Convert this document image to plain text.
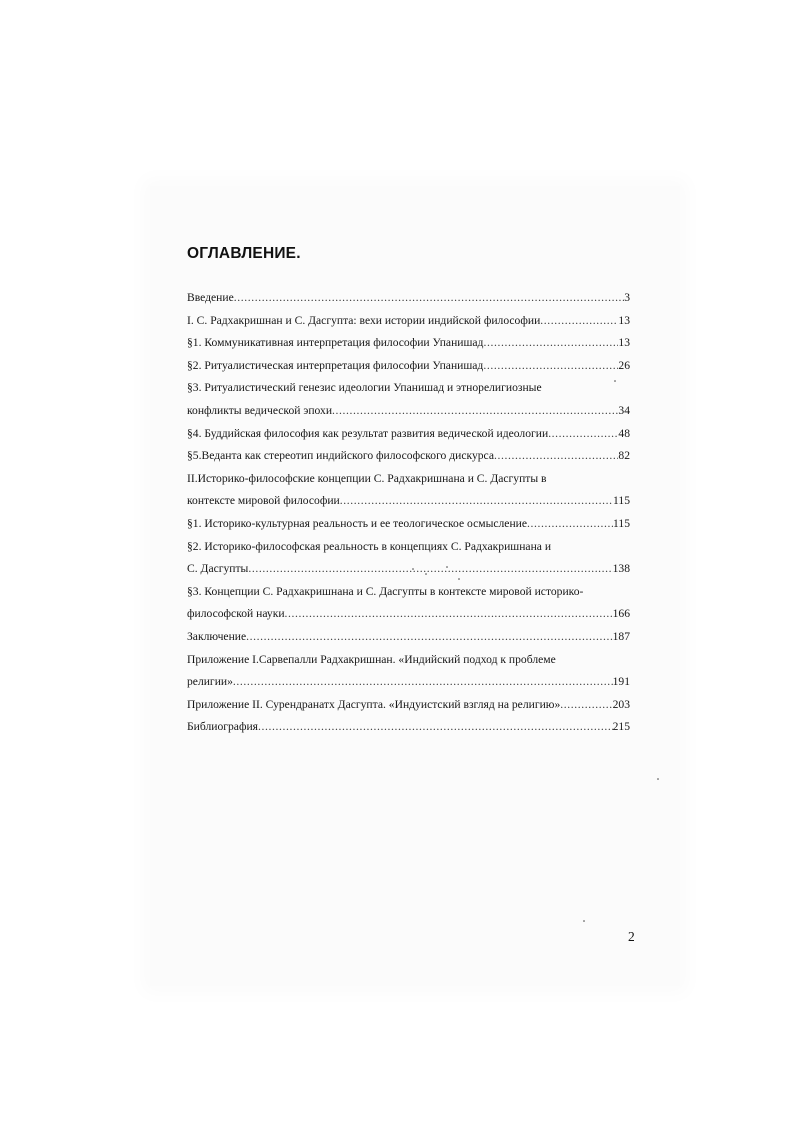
ОГЛАВЛЕНИЕ.
Введение .....	3
I. С. Радхакришнан и С. Дасгупта: вехи истории индийской философии .....	13
§1. Коммуникативная интерпретация философии Упанишад .....	13
§2. Ритуалистическая интерпретация философии Упанишад .....	26
§3. Ритуалистический генезис идеологии Упанишад и этнорелигиозные
конфликты ведической эпохи .....	34
§4. Буддийская философия как результат развития ведической идеологии .....	48
§5.Веданта как стереотип индийского философского дискурса .....	82
II.Историко-философские концепции С. Радхакришнана и С. Дасгупты в
контексте мировой философии .....	115
§1. Историко-культурная реальность и ее теологическое осмысление .....	115
§2. Историко-философская реальность в концепциях С. Радхакришнана и
С. Дасгупты .....	138
§3. Концепции С. Радхакришнана и С. Дасгупты в контексте мировой историко-
философской науки .....	166
Заключение .....	187
Приложение I.Сарвепалли Радхакришнан. «Индийский подход к проблеме
религии» .....	191
Приложение II. Сурендранатх Дасгупта. «Индуистский взгляд на религию» .....	203
Библиография .....	215
2
